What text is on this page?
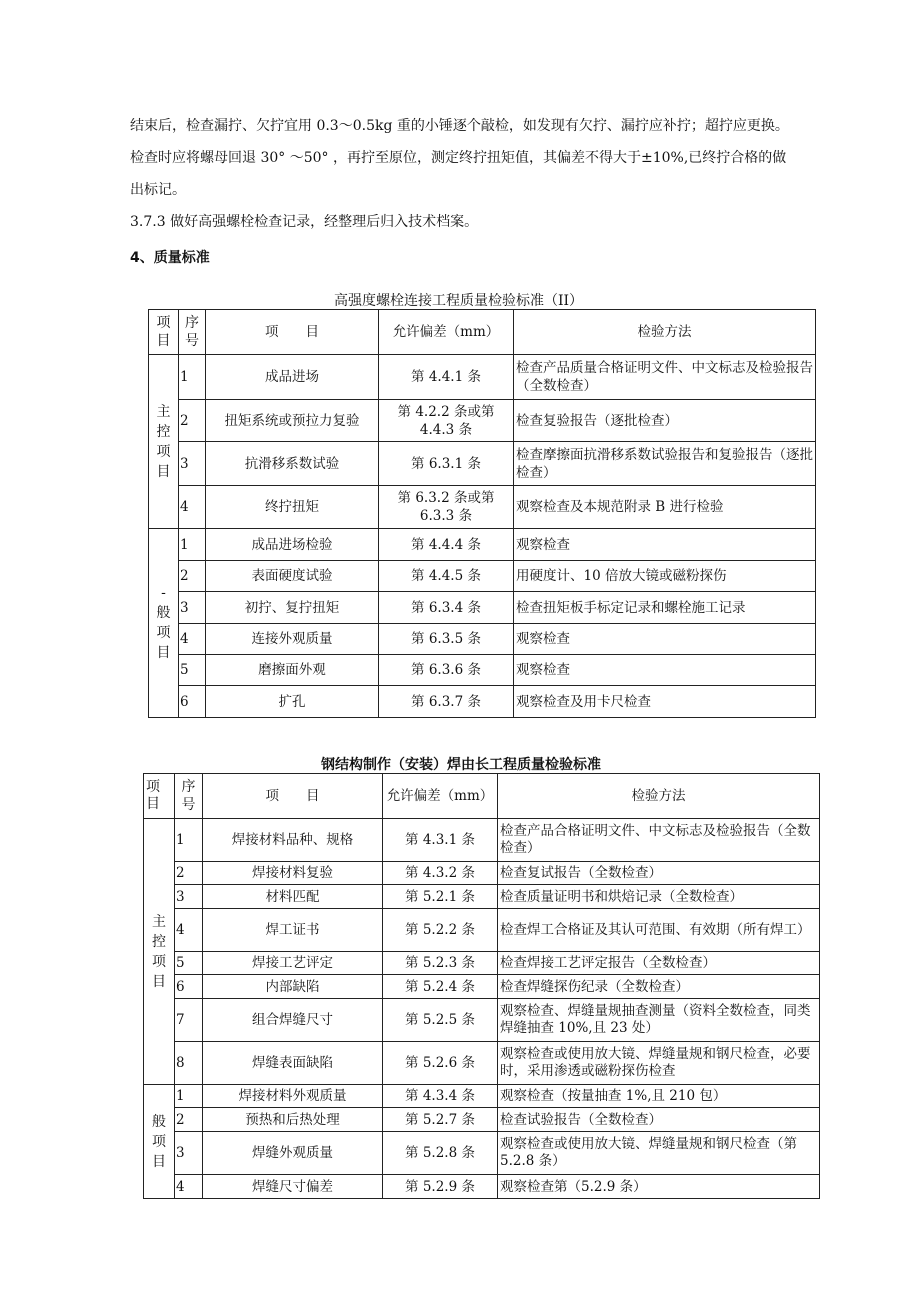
结束后，检查漏拧、欠拧宜用 0.3～0.5kg 重的小锤逐个敲检，如发现有欠拧、漏拧应补拧；超拧应更换。
检查时应将螺母回退 30° ～50° ，再拧至原位，测定终拧扭矩值，其偏差不得大于±10%,已终拧合格的做
出标记。
3.7.3 做好高强螺栓检查记录，经整理后归入技术档案。
4、质量标准
高强度螺栓连接工程质量检验标准（II）
项目	序号	项　　目	允许偏差（mm）	检验方法
主控项目	1	成品进场	第 4.4.1 条	检查产品质量合格证明文件、中文标志及检验报告（全数检查）
	2	扭矩系统或预拉力复验	第 4.2.2 条或第 4.4.3 条	检查复验报告（逐批检查）
	3	抗滑移系数试验	第 6.3.1 条	检查摩擦面抗滑移系数试验报告和复验报告（逐批检查）
	4	终拧扭矩	第 6.3.2 条或第 6.3.3 条	观察检查及本规范附录 B 进行检验
-般项目	1	成品进场检验	第 4.4.4 条	观察检查
	2	表面硬度试验	第 4.4.5 条	用硬度计、10 倍放大镜或磁粉探伤
	3	初拧、复拧扭矩	第 6.3.4 条	检查扭矩板手标定记录和螺栓施工记录
	4	连接外观质量	第 6.3.5 条	观察检查
	5	磨擦面外观	第 6.3.6 条	观察检查
	6	扩孔	第 6.3.7 条	观察检查及用卡尺检查
钢结构制作（安装）焊由长工程质量检验标准
项目	序号	项　　目	允许偏差（mm）	检验方法
主控项目	1	焊接材料品种、规格	第 4.3.1 条	检查产品合格证明文件、中文标志及检验报告（全数检查）
	2	焊接材料复验	第 4.3.2 条	检查复试报告（全数检查）
	3	材料匹配	第 5.2.1 条	检查质量证明书和烘焙记录（全数检查）
	4	焊工证书	第 5.2.2 条	检查焊工合格证及其认可范围、有效期（所有焊工）
	5	焊接工艺评定	第 5.2.3 条	检查焊接工艺评定报告（全数检查）
	6	内部缺陷	第 5.2.4 条	检查焊缝探伤纪录（全数检查）
	7	组合焊缝尺寸	第 5.2.5 条	观察检查、焊缝量规抽查测量（资料全数检查，同类焊缝抽查 10%,且 23 处）
	8	焊缝表面缺陷	第 5.2.6 条	观察检查或使用放大镜、焊缝量规和钢尺检查，必要时，采用渗透或磁粉探伤检查
般项目	1	焊接材料外观质量	第 4.3.4 条	观察检查（按量抽查 1%,且 210 包）
	2	预热和后热处理	第 5.2.7 条	检查试验报告（全数检查）
	3	焊缝外观质量	第 5.2.8 条	观察检查或使用放大镜、焊缝量规和钢尺检查（第 5.2.8 条）
	4	焊缝尺寸偏差	第 5.2.9 条	观察检查第（5.2.9 条）
